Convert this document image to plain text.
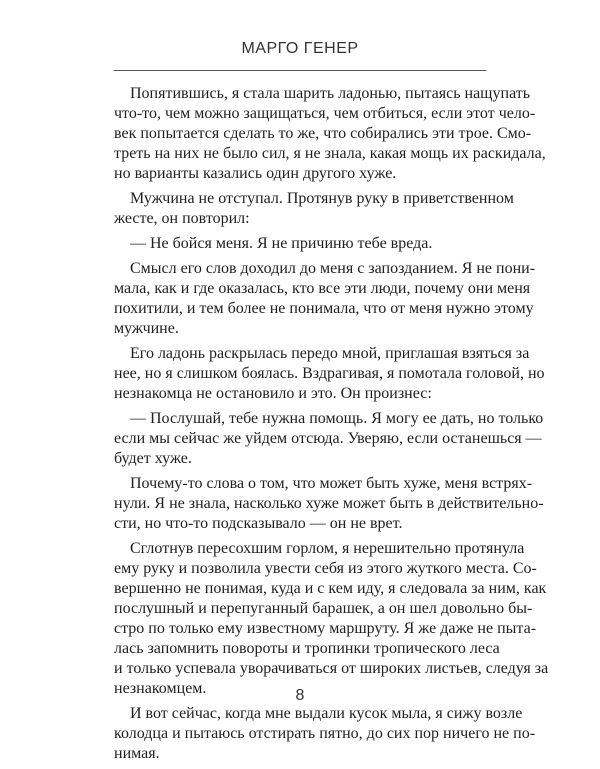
МАРГО ГЕНЕР
Попятившись, я стала шарить ладонью, пытаясь нащупать
что-то, чем можно защищаться, чем отбиться, если этот чело-
век попытается сделать то же, что собирались эти трое. Смо-
треть на них не было сил, я не знала, какая мощь их раскидала,
но варианты казались один другого хуже.
Мужчина не отступал. Протянув руку в приветственном
жесте, он повторил:
— Не бойся меня. Я не причиню тебе вреда.
Смысл его слов доходил до меня с запозданием. Я не пони-
мала, как и где оказалась, кто все эти люди, почему они меня
похитили, и тем более не понимала, что от меня нужно этому
мужчине.
Его ладонь раскрылась передо мной, приглашая взяться за
нее, но я слишком боялась. Вздрагивая, я помотала головой, но
незнакомца не остановило и это. Он произнес:
— Послушай, тебе нужна помощь. Я могу ее дать, но только
если мы сейчас же уйдем отсюда. Уверяю, если останешься —
будет хуже.
Почему-то слова о том, что может быть хуже, меня встрях-
нули. Я не знала, насколько хуже может быть в действительно-
сти, но что-то подсказывало — он не врет.
Сглотнув пересохшим горлом, я нерешительно протянула
ему руку и позволила увести себя из этого жуткого места. Со-
вершенно не понимая, куда и с кем иду, я следовала за ним, как
послушный и перепуганный барашек, а он шел довольно бы-
стро по только ему известному маршруту. Я же даже не пыта-
лась запомнить повороты и тропинки тропического леса
и только успевала уворачиваться от широких листьев, следуя за
незнакомцем.
И вот сейчас, когда мне выдали кусок мыла, я сижу возле
колодца и пытаюсь отстирать пятно, до сих пор ничего не по-
нимая.
8
